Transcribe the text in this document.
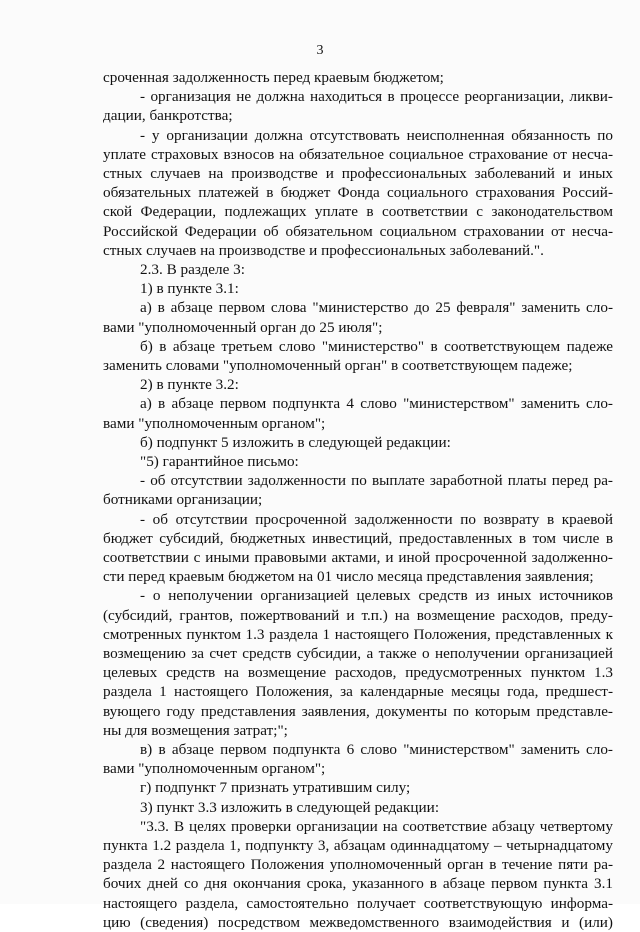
3
сроченная задолженность перед краевым бюджетом;
- организация не должна находиться в процессе реорганизации, ликви-
дации, банкротства;
- у организации должна отсутствовать неисполненная обязанность по
уплате страховых взносов на обязательное социальное страхование от несча-
стных случаев на производстве и профессиональных заболеваний и иных
обязательных платежей в бюджет Фонда социального страхования Россий-
ской Федерации, подлежащих уплате в соответствии с законодательством
Российской Федерации об обязательном социальном страховании от несча-
стных случаев на производстве и профессиональных заболеваний.".
2.3. В разделе 3:
1) в пункте 3.1:
а) в абзаце первом слова "министерство до 25 февраля" заменить сло-
вами "уполномоченный орган до 25 июля";
б) в абзаце третьем слово "министерство" в соответствующем падеже
заменить словами "уполномоченный орган" в соответствующем падеже;
2) в пункте 3.2:
а) в абзаце первом подпункта 4 слово "министерством" заменить сло-
вами "уполномоченным органом";
б) подпункт 5 изложить в следующей редакции:
"5) гарантийное письмо:
- об отсутствии задолженности по выплате заработной платы перед ра-
ботниками организации;
- об отсутствии просроченной задолженности по возврату в краевой
бюджет субсидий, бюджетных инвестиций, предоставленных в том числе в
соответствии с иными правовыми актами, и иной просроченной задолженно-
сти перед краевым бюджетом на 01 число месяца представления заявления;
- о неполучении организацией целевых средств из иных источников
(субсидий, грантов, пожертвований и т.п.) на возмещение расходов, преду-
смотренных пунктом 1.3 раздела 1 настоящего Положения, представленных к
возмещению за счет средств субсидии, а также о неполучении организацией
целевых средств на возмещение расходов, предусмотренных пунктом 1.3
раздела 1 настоящего Положения, за календарные месяцы года, предшест-
вующего году представления заявления, документы по которым представле-
ны для возмещения затрат;";
в) в абзаце первом подпункта 6 слово "министерством" заменить сло-
вами "уполномоченным органом";
г) подпункт 7 признать утратившим силу;
3) пункт 3.3 изложить в следующей редакции:
"3.3. В целях проверки организации на соответствие абзацу четвертому
пункта 1.2 раздела 1, подпункту 3, абзацам одиннадцатому – четырнадцатому
раздела 2 настоящего Положения уполномоченный орган в течение пяти ра-
бочих дней со дня окончания срока, указанного в абзаце первом пункта 3.1
настоящего раздела, самостоятельно получает соответствующую информа-
цию (сведения) посредством межведомственного взаимодействия и (или)
